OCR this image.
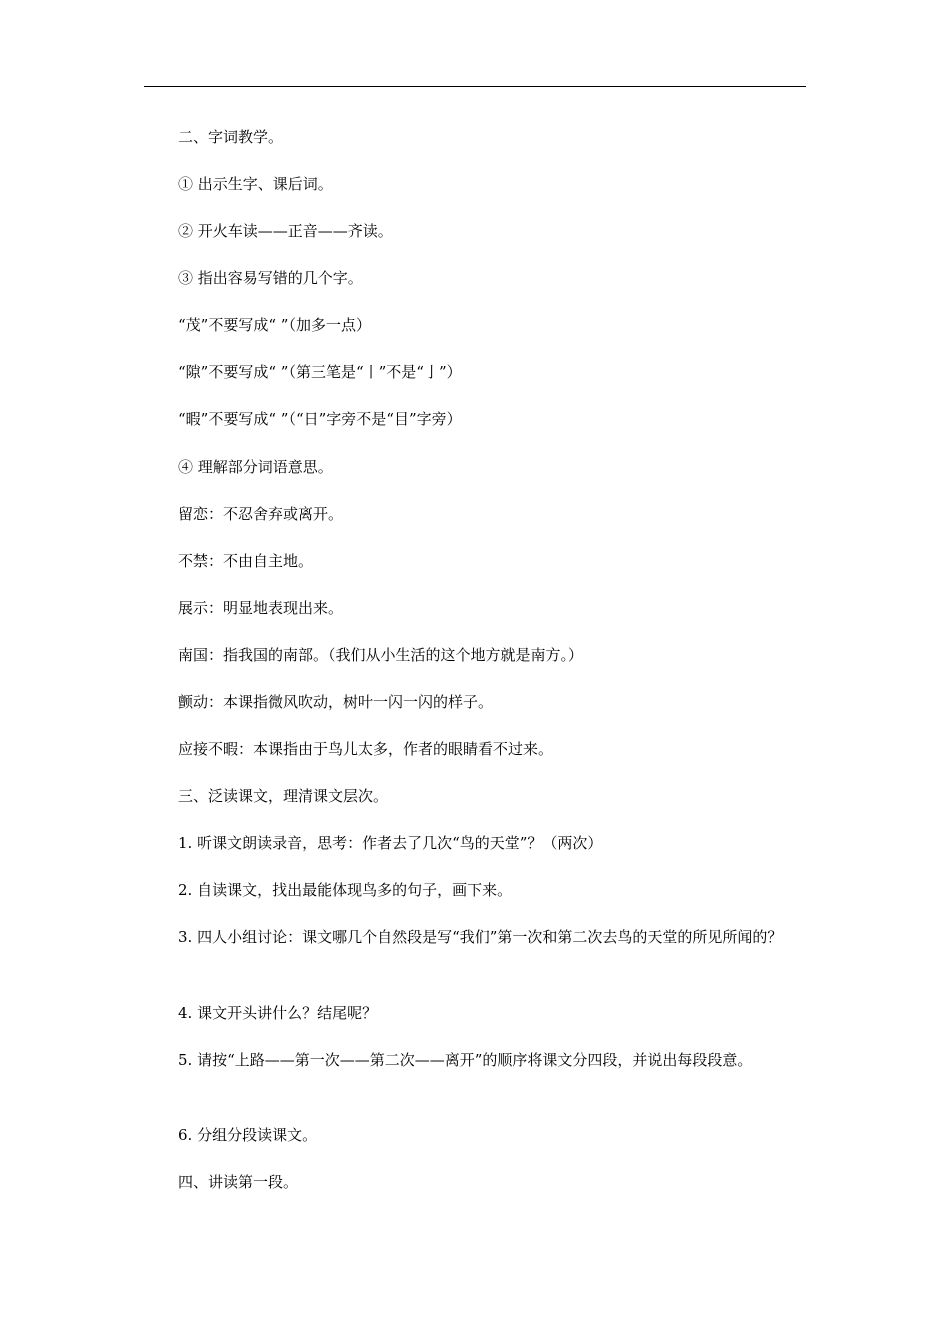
二、字词教学。
① 出示生字、课后词。
② 开火车读——正音——齐读。
③ 指出容易写错的几个字。
“茂”不要写成“ ”（加多一点）
“隙”不要写成“ ”（第三笔是“丨”不是“亅”）
“暇”不要写成“ ”（“日”字旁不是“目”字旁）
④ 理解部分词语意思。
留恋：不忍舍弃或离开。
不禁：不由自主地。
展示：明显地表现出来。
南国：指我国的南部。（我们从小生活的这个地方就是南方。）
颤动：本课指微风吹动，树叶一闪一闪的样子。
应接不暇：本课指由于鸟儿太多，作者的眼睛看不过来。
三、泛读课文，理清课文层次。
1. 听课文朗读录音，思考：作者去了几次“鸟的天堂”？（两次）
2. 自读课文，找出最能体现鸟多的句子，画下来。
3. 四人小组讨论：课文哪几个自然段是写“我们”第一次和第二次去鸟的天堂的所见所闻的？
4. 课文开头讲什么？结尾呢？
5. 请按“上路——第一次——第二次——离开”的顺序将课文分四段，并说出每段段意。
6. 分组分段读课文。
四、讲读第一段。
